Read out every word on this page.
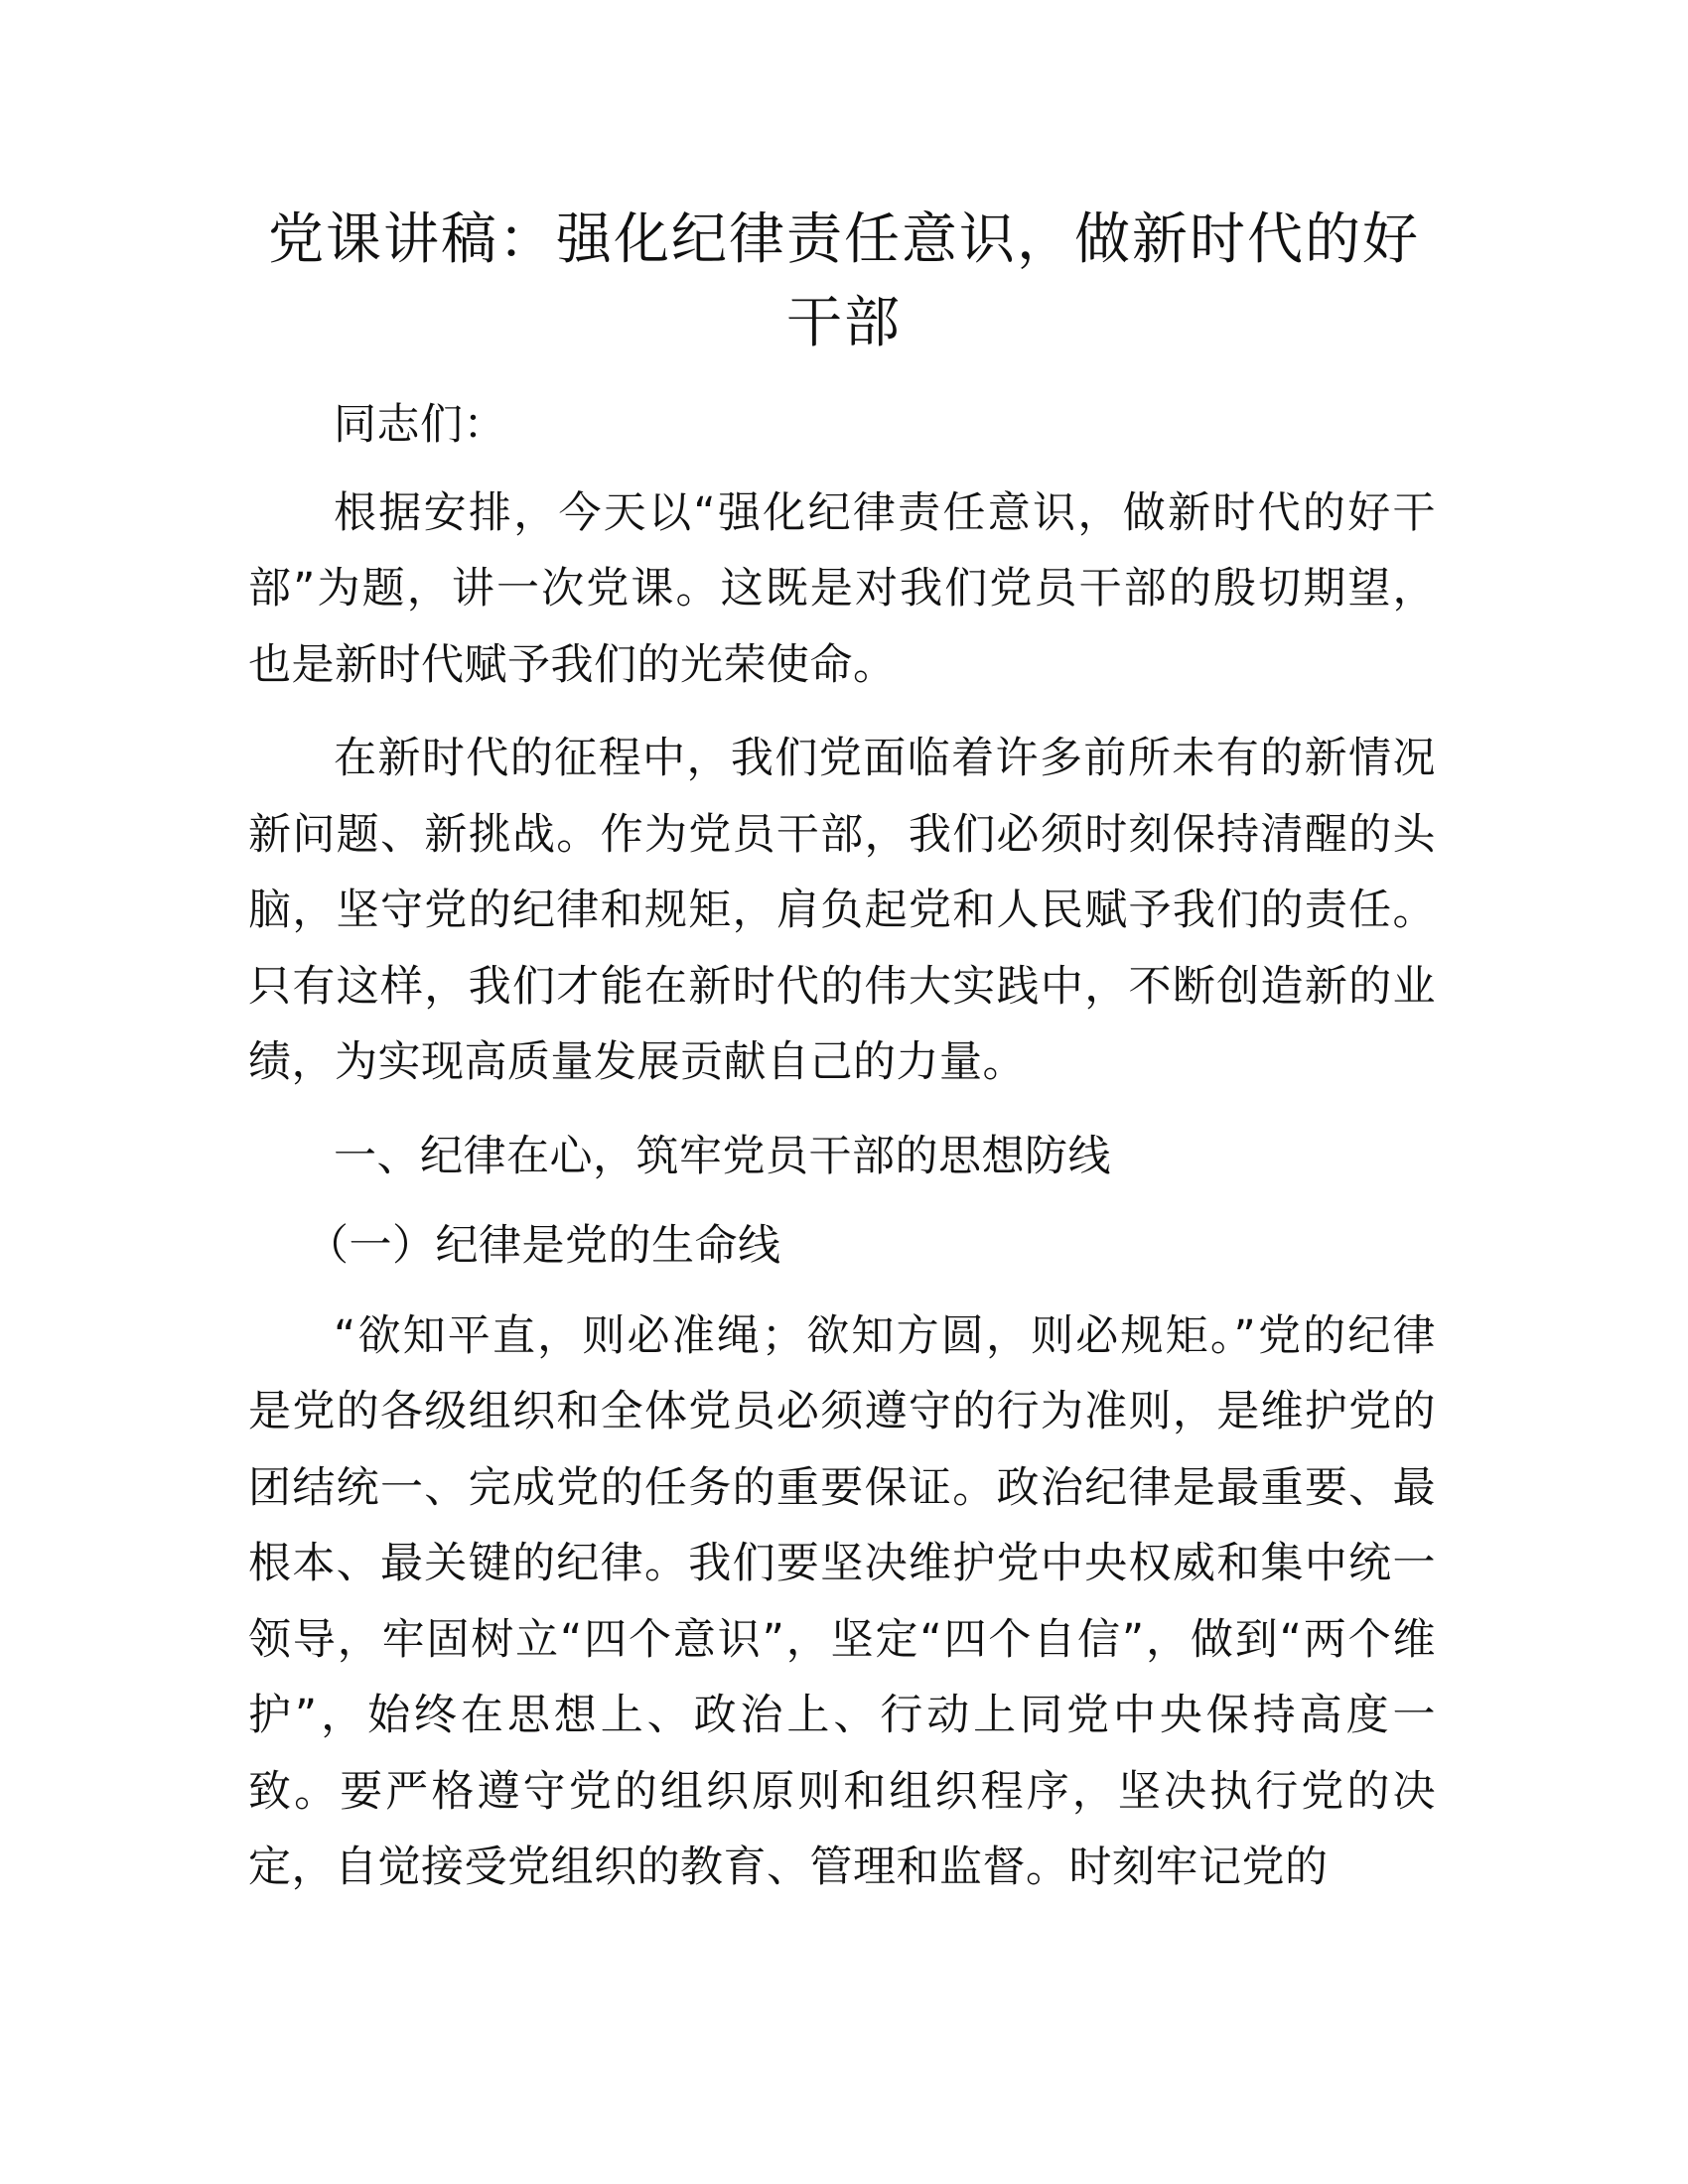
党课讲稿：强化纪律责任意识，做新时代的好干部

同志们：

根据安排，今天以“强化纪律责任意识，做新时代的好干部”为题，讲一次党课。这既是对我们党员干部的殷切期望，也是新时代赋予我们的光荣使命。

在新时代的征程中，我们党面临着许多前所未有的新情况新问题、新挑战。作为党员干部，我们必须时刻保持清醒的头脑，坚守党的纪律和规矩，肩负起党和人民赋予我们的责任。只有这样，我们才能在新时代的伟大实践中，不断创造新的业绩，为实现高质量发展贡献自己的力量。

一、纪律在心，筑牢党员干部的思想防线

（一）纪律是党的生命线

“欲知平直，则必准绳；欲知方圆，则必规矩。”党的纪律是党的各级组织和全体党员必须遵守的行为准则，是维护党的团结统一、完成党的任务的重要保证。政治纪律是最重要、最根本、最关键的纪律。我们要坚决维护党中央权威和集中统一领导，牢固树立“四个意识”，坚定“四个自信”，做到“两个维护”，始终在思想上、政治上、行动上同党中央保持高度一致。要严格遵守党的组织原则和组织程序，坚决执行党的决定，自觉接受党组织的教育、管理和监督。时刻牢记党的
